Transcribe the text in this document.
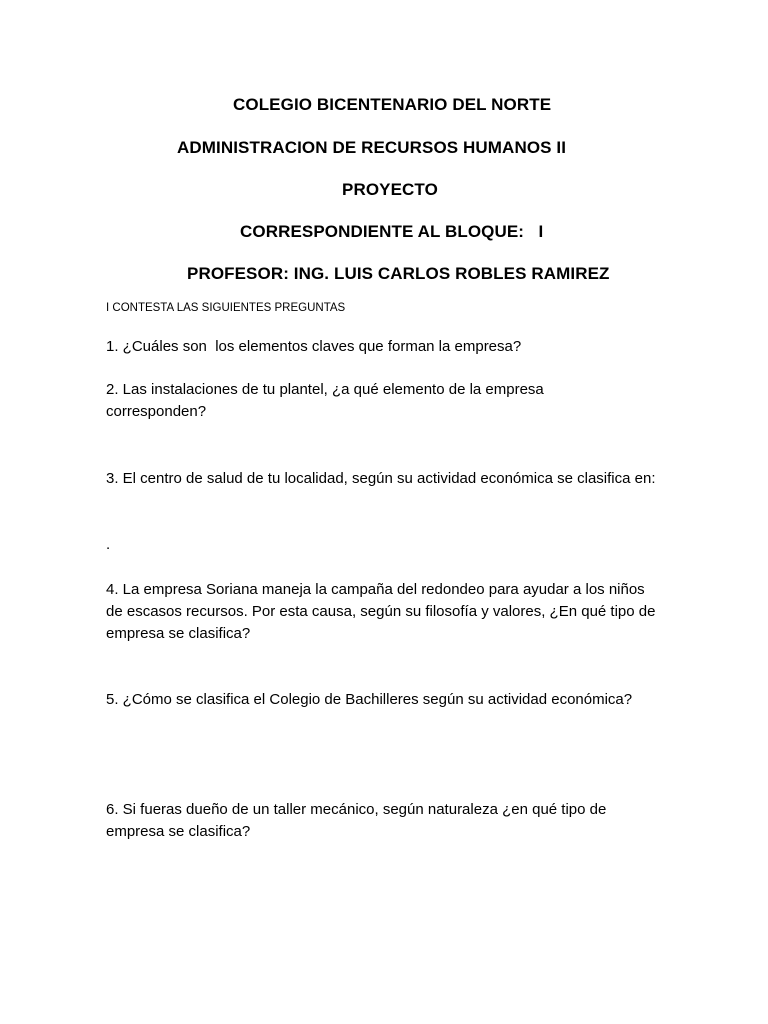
COLEGIO BICENTENARIO DEL NORTE
ADMINISTRACION DE RECURSOS HUMANOS II
PROYECTO
CORRESPONDIENTE AL BLOQUE:   I
PROFESOR: ING. LUIS CARLOS ROBLES RAMIREZ
I CONTESTA LAS SIGUIENTES PREGUNTAS
1. ¿Cuáles son  los elementos claves que forman la empresa?
2. Las instalaciones de tu plantel, ¿a qué elemento de la empresa corresponden?
3. El centro de salud de tu localidad, según su actividad económica se clasifica en:
.
4. La empresa Soriana maneja la campaña del redondeo para ayudar a los niños de escasos recursos. Por esta causa, según su filosofía y valores, ¿En qué tipo de empresa se clasifica?
5. ¿Cómo se clasifica el Colegio de Bachilleres según su actividad económica?
6. Si fueras dueño de un taller mecánico, según naturaleza ¿en qué tipo de empresa se clasifica?
